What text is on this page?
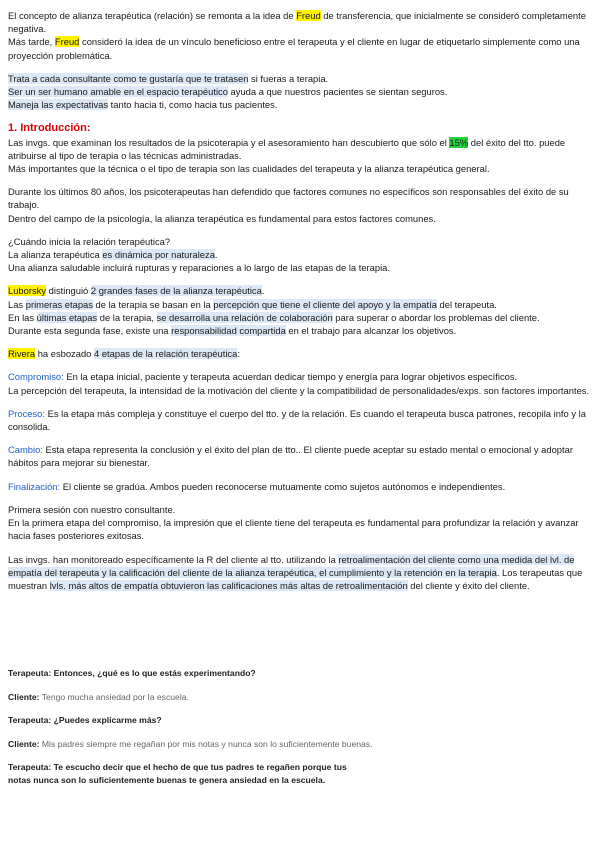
El concepto de alianza terapéutica (relación) se remonta a la idea de Freud de transferencia, que inicialmente se consideró completamente negativa.

Más tarde, Freud consideró la idea de un vínculo beneficioso entre el terapeuta y el cliente en lugar de etiquetarlo simplemente como una proyección problemática.

Trata a cada consultante como te gustaría que te tratasen si fueras a terapia.

Ser un ser humano amable en el espacio terapéutico ayuda a que nuestros pacientes se sientan seguros.

Maneja las expectativas tanto hacia ti, como hacia tus pacientes.

1. Introducción:

Las invgs. que examinan los resultados de la psicoterapia y el asesoramiento han descubierto que sólo el 15% del éxito del tto. puede atribuirse al tipo de terapia o las técnicas administradas.

Más importantes que la técnica o el tipo de terapia son las cualidades del terapeuta y la alianza terapéutica general.

Durante los últimos 80 años, los psicoterapeutas han defendido que factores comunes no específicos son responsables del éxito de su trabajo.

Dentro del campo de la psicología, la alianza terapéutica es fundamental para estos factores comunes.

¿Cuándo inicia la relación terapéutica?

La alianza terapéutica es dinámica por naturaleza.

Una alianza saludable incluirá rupturas y reparaciones a lo largo de las etapas de la terapia.

Luborsky distinguió 2 grandes fases de la alianza terapéutica.

Las primeras etapas de la terapia se basan en la percepción que tiene el cliente del apoyo y la empatía del terapeuta.

En las últimas etapas de la terapia, se desarrolla una relación de colaboración para superar o abordar los problemas del cliente.

Durante esta segunda fase, existe una responsabilidad compartida en el trabajo para alcanzar los objetivos.

Rivera ha esbozado 4 etapas de la relación terapéutica:

Compromiso: En la etapa inicial, paciente y terapeuta acuerdan dedicar tiempo y energía para lograr objetivos específicos.

La percepción del terapeuta, la intensidad de la motivación del cliente y la compatibilidad de personalidades/exps. son factores importantes.

Proceso: Es la etapa más compleja y constituye el cuerpo del tto. y de la relación. Es cuando el terapeuta busca patrones, recopila info y la consolida.

Cambio: Esta etapa representa la conclusión y el éxito del plan de tto.. El cliente puede aceptar su estado mental o emocional y adoptar hábitos para mejorar su bienestar.

Finalización: El cliente se gradúa. Ambos pueden reconocerse mutuamente como sujetos autónomos e independientes.

Primera sesión con nuestro consultante.

En la primera etapa del compromiso, la impresión que el cliente tiene del terapeuta es fundamental para profundizar la relación y avanzar hacia fases posteriores exitosas.

Las invgs. han monitoreado específicamente la R del cliente al tto. utilizando la retroalimentación del cliente como una medida del lvl. de empatía del terapeuta y la calificación del cliente de la alianza terapéutica, el cumplimiento y la retención en la terapia. Los terapeutas que muestran lvls. más altos de empatía obtuvieron las calificaciones más altas de retroalimentación del cliente y éxito del cliente.

Terapeuta: Entonces, ¿qué es lo que estás experimentando?

Cliente: Tengo mucha ansiedad por la escuela.

Terapeuta: ¿Puedes explicarme más?

Cliente: Mis padres siempre me regañan por mis notas y nunca son lo suficientemente buenas.

Terapeuta: Te escucho decir que el hecho de que tus padres te regañen porque tus notas nunca son lo suficientemente buenas te genera ansiedad en la escuela.
